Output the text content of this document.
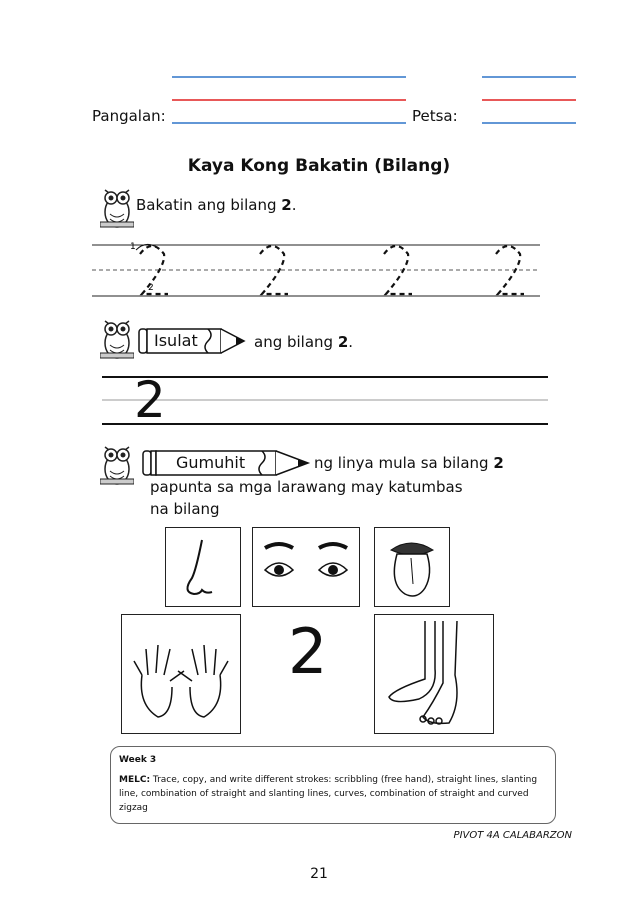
Pangalan:	Petsa:
Kaya Kong Bakatin (Bilang)
Bakatin ang bilang 2.
1
2
Isulat	ang bilang 2.
2
Gumuhit	ng linya mula sa bilang 2
papunta sa mga larawang may katumbas
na bilang
2
Week 3
MELC: Trace, copy, and write different strokes: scribbling (free hand), straight lines, slanting line, combination of straight and slanting lines, curves, combination of straight and curved zigzag
PIVOT 4A CALABARZON
21
